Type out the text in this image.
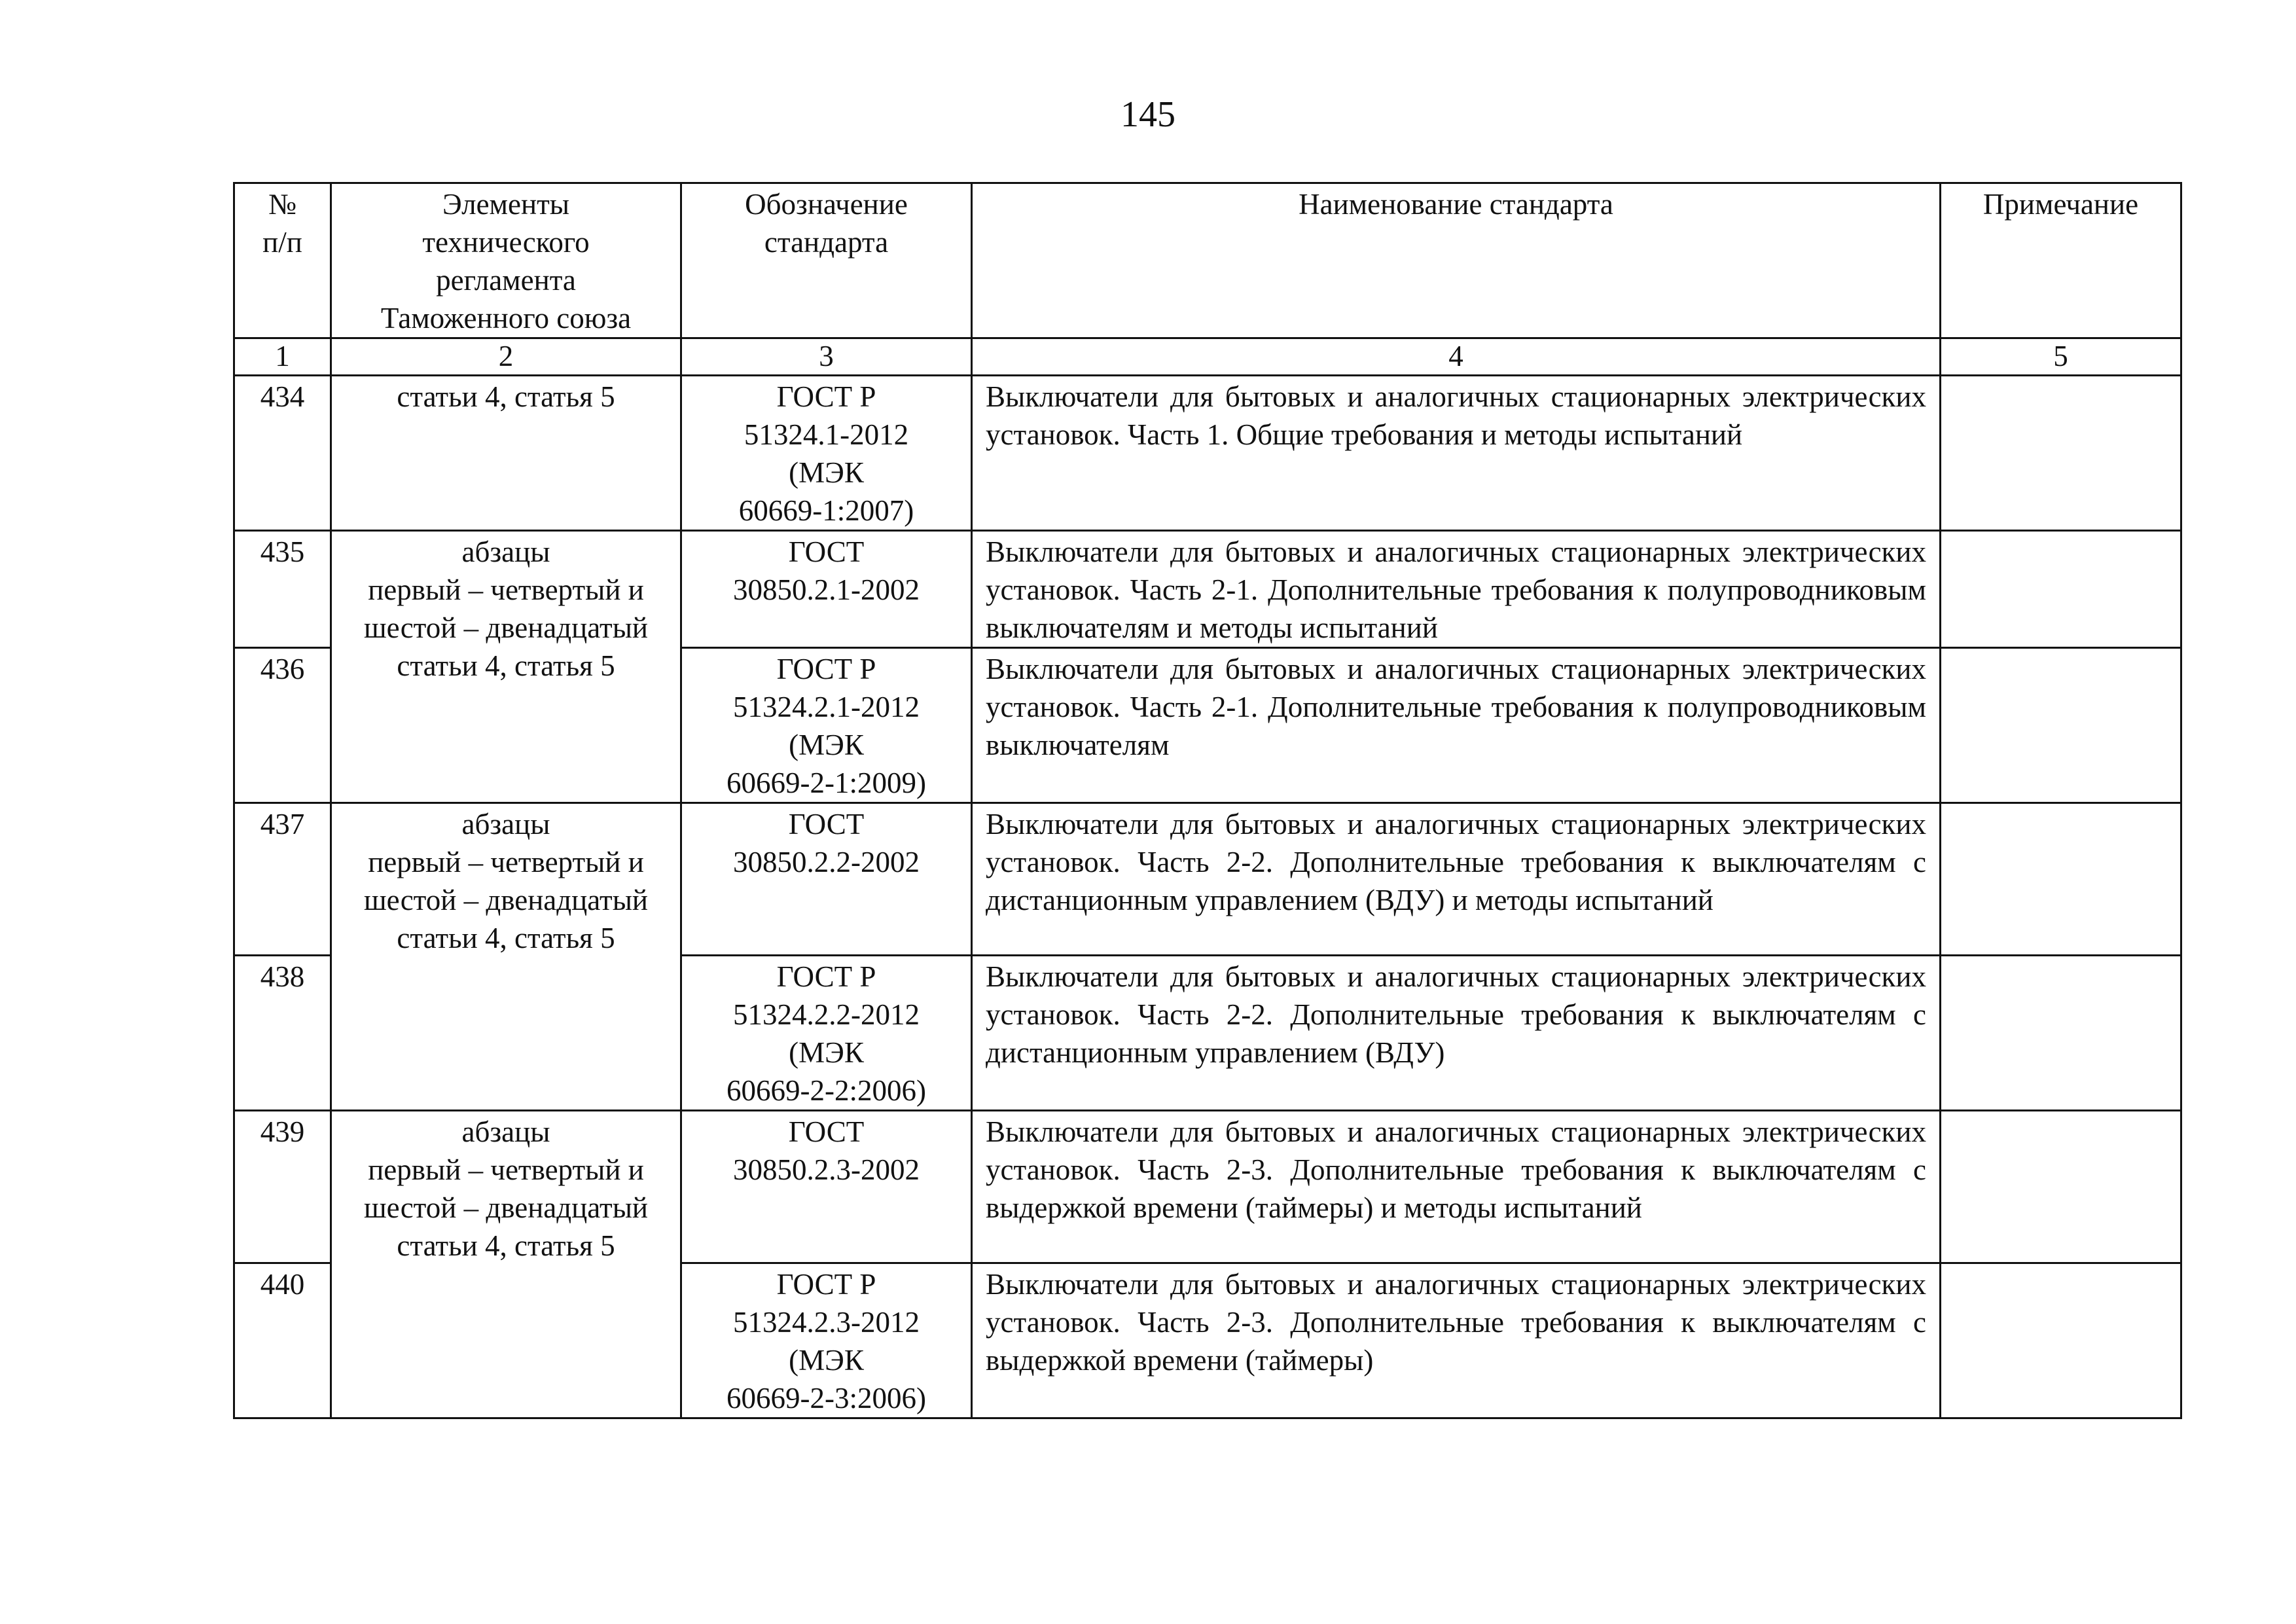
145
№
п/п	Элементы
технического
регламента
Таможенного союза	Обозначение
стандарта	Наименование стандарта	Примечание
1	2	3	4	5
434	статьи 4, статья 5	ГОСТ Р
51324.1-2012
(МЭК
60669-1:2007)	Выключатели для бытовых и аналогичных стационарных электрических установок. Часть 1. Общие требования и методы испытаний	
435	абзацы
первый – четвертый и
шестой – двенадцатый
статьи 4, статья 5	ГОСТ
30850.2.1-2002	Выключатели для бытовых и аналогичных стационарных электрических установок. Часть 2-1. Дополнительные требования к полупроводниковым выключателям и методы испытаний	
436		ГОСТ Р
51324.2.1-2012
(МЭК
60669-2-1:2009)	Выключатели для бытовых и аналогичных стационарных электрических установок. Часть 2-1. Дополнительные требования к полупроводниковым выключателям	
437	абзацы
первый – четвертый и
шестой – двенадцатый
статьи 4, статья 5	ГОСТ
30850.2.2-2002	Выключатели для бытовых и аналогичных стационарных электрических установок. Часть 2-2. Дополнительные требования к выключателям с дистанционным управлением (ВДУ) и методы испытаний	
438		ГОСТ Р
51324.2.2-2012
(МЭК
60669-2-2:2006)	Выключатели для бытовых и аналогичных стационарных электрических установок. Часть 2-2. Дополнительные требования к выключателям с дистанционным управлением (ВДУ)	
439	абзацы
первый – четвертый и
шестой – двенадцатый
статьи 4, статья 5	ГОСТ
30850.2.3-2002	Выключатели для бытовых и аналогичных стационарных электрических установок. Часть 2-3. Дополнительные требования к выключателям с выдержкой времени (таймеры) и методы испытаний	
440		ГОСТ Р
51324.2.3-2012
(МЭК
60669-2-3:2006)	Выключатели для бытовых и аналогичных стационарных электрических установок. Часть 2-3. Дополнительные требования к выключателям с выдержкой времени (таймеры)	
